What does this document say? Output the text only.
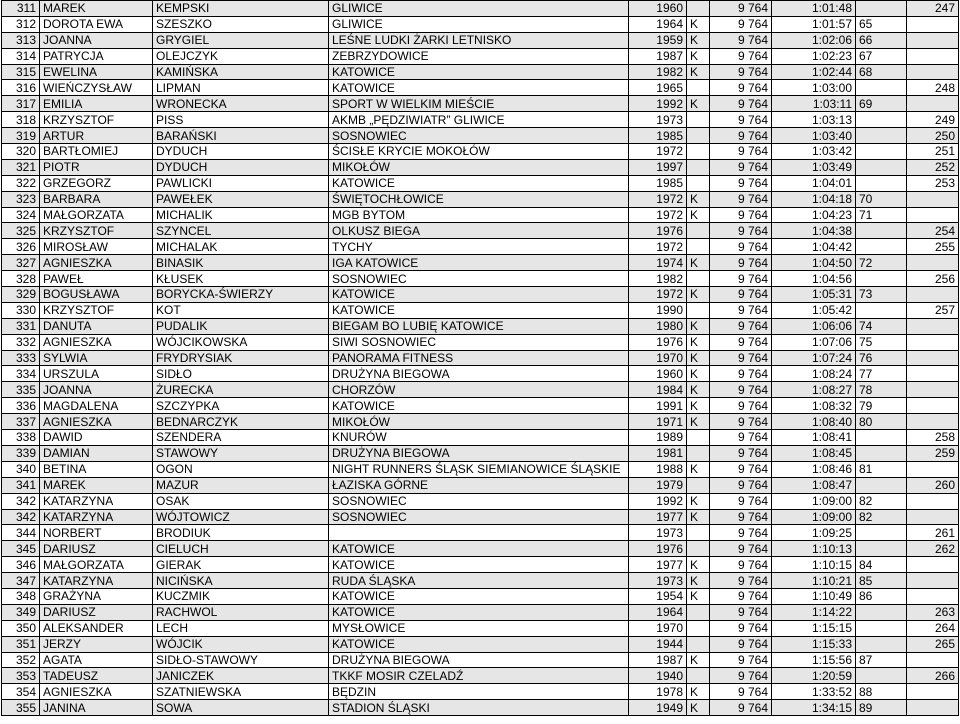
311	MAREK	KEMPSKI	GLIWICE	1960		9 764	1:01:48		247
312	DOROTA EWA	SZESZKO	GLIWICE	1964	K	9 764	1:01:57	65	
313	JOANNA	GRYGIEL	LEŚNE LUDKI ŻARKI LETNISKO	1959	K	9 764	1:02:06	66	
314	PATRYCJA	OLEJCZYK	ZEBRZYDOWICE	1987	K	9 764	1:02:23	67	
315	EWELINA	KAMIŃSKA	KATOWICE	1982	K	9 764	1:02:44	68	
316	WIEŃCZYSŁAW	LIPMAN	KATOWICE	1965		9 764	1:03:00		248
317	EMILIA	WRONECKA	SPORT W WIELKIM MIEŚCIE	1992	K	9 764	1:03:11	69	
318	KRZYSZTOF	PISS	AKMB „PĘDZIWIATR” GLIWICE	1973		9 764	1:03:13		249
319	ARTUR	BARAŃSKI	SOSNOWIEC	1985		9 764	1:03:40		250
320	BARTŁOMIEJ	DYDUCH	ŚCISŁE KRYCIE MOKOŁÓW	1972		9 764	1:03:42		251
321	PIOTR	DYDUCH	MIKOŁÓW	1997		9 764	1:03:49		252
322	GRZEGORZ	PAWLICKI	KATOWICE	1985		9 764	1:04:01		253
323	BARBARA	PAWEŁEK	ŚWIĘTOCHŁOWICE	1972	K	9 764	1:04:18	70	
324	MAŁGORZATA	MICHALIK	MGB BYTOM	1972	K	9 764	1:04:23	71	
325	KRZYSZTOF	SZYNCEL	OLKUSZ BIEGA	1976		9 764	1:04:38		254
326	MIROSŁAW	MICHALAK	TYCHY	1972		9 764	1:04:42		255
327	AGNIESZKA	BINASIK	IGA KATOWICE	1974	K	9 764	1:04:50	72	
328	PAWEŁ	KŁUSEK	SOSNOWIEC	1982		9 764	1:04:56		256
329	BOGUSŁAWA	BORYCKA-ŚWIERZY	KATOWICE	1972	K	9 764	1:05:31	73	
330	KRZYSZTOF	KOT	KATOWICE	1990		9 764	1:05:42		257
331	DANUTA	PUDALIK	BIEGAM BO LUBIĘ KATOWICE	1980	K	9 764	1:06:06	74	
332	AGNIESZKA	WÓJCIKOWSKA	SIWI SOSNOWIEC	1976	K	9 764	1:07:06	75	
333	SYLWIA	FRYDRYSIAK	PANORAMA FITNESS	1970	K	9 764	1:07:24	76	
334	URSZULA	SIDŁO	DRUŻYNA BIEGOWA	1960	K	9 764	1:08:24	77	
335	JOANNA	ŻURECKA	CHORZÓW	1984	K	9 764	1:08:27	78	
336	MAGDALENA	SZCZYPKA	KATOWICE	1991	K	9 764	1:08:32	79	
337	AGNIESZKA	BEDNARCZYK	MIKOŁÓW	1971	K	9 764	1:08:40	80	
338	DAWID	SZENDERA	KNURÓW	1989		9 764	1:08:41		258
339	DAMIAN	STAWOWY	DRUŻYNA BIEGOWA	1981		9 764	1:08:45		259
340	BETINA	OGON	NIGHT RUNNERS ŚLĄSK SIEMIANOWICE ŚLĄSKIE	1988	K	9 764	1:08:46	81	
341	MAREK	MAZUR	ŁAZISKA GÓRNE	1979		9 764	1:08:47		260
342	KATARZYNA	OSAK	SOSNOWIEC	1992	K	9 764	1:09:00	82	
342	KATARZYNA	WÓJTOWICZ	SOSNOWIEC	1977	K	9 764	1:09:00	82	
344	NORBERT	BRODIUK		1973		9 764	1:09:25		261
345	DARIUSZ	CIELUCH	KATOWICE	1976		9 764	1:10:13		262
346	MAŁGORZATA	GIERAK	KATOWICE	1977	K	9 764	1:10:15	84	
347	KATARZYNA	NICIŃSKA	RUDA ŚLĄSKA	1973	K	9 764	1:10:21	85	
348	GRAŻYNA	KUCZMIK	KATOWICE	1954	K	9 764	1:10:49	86	
349	DARIUSZ	RACHWOL	KATOWICE	1964		9 764	1:14:22		263
350	ALEKSANDER	LECH	MYSŁOWICE	1970		9 764	1:15:15		264
351	JERZY	WÓJCIK	KATOWICE	1944		9 764	1:15:33		265
352	AGATA	SIDŁO-STAWOWY	DRUŻYNA BIEGOWA	1987	K	9 764	1:15:56	87	
353	TADEUSZ	JANICZEK	TKKF MOSIR CZELADŹ	1940		9 764	1:20:59		266
354	AGNIESZKA	SZATNIEWSKA	BĘDZIN	1978	K	9 764	1:33:52	88	
355	JANINA	SOWA	STADION ŚLĄSKI	1949	K	9 764	1:34:15	89	
